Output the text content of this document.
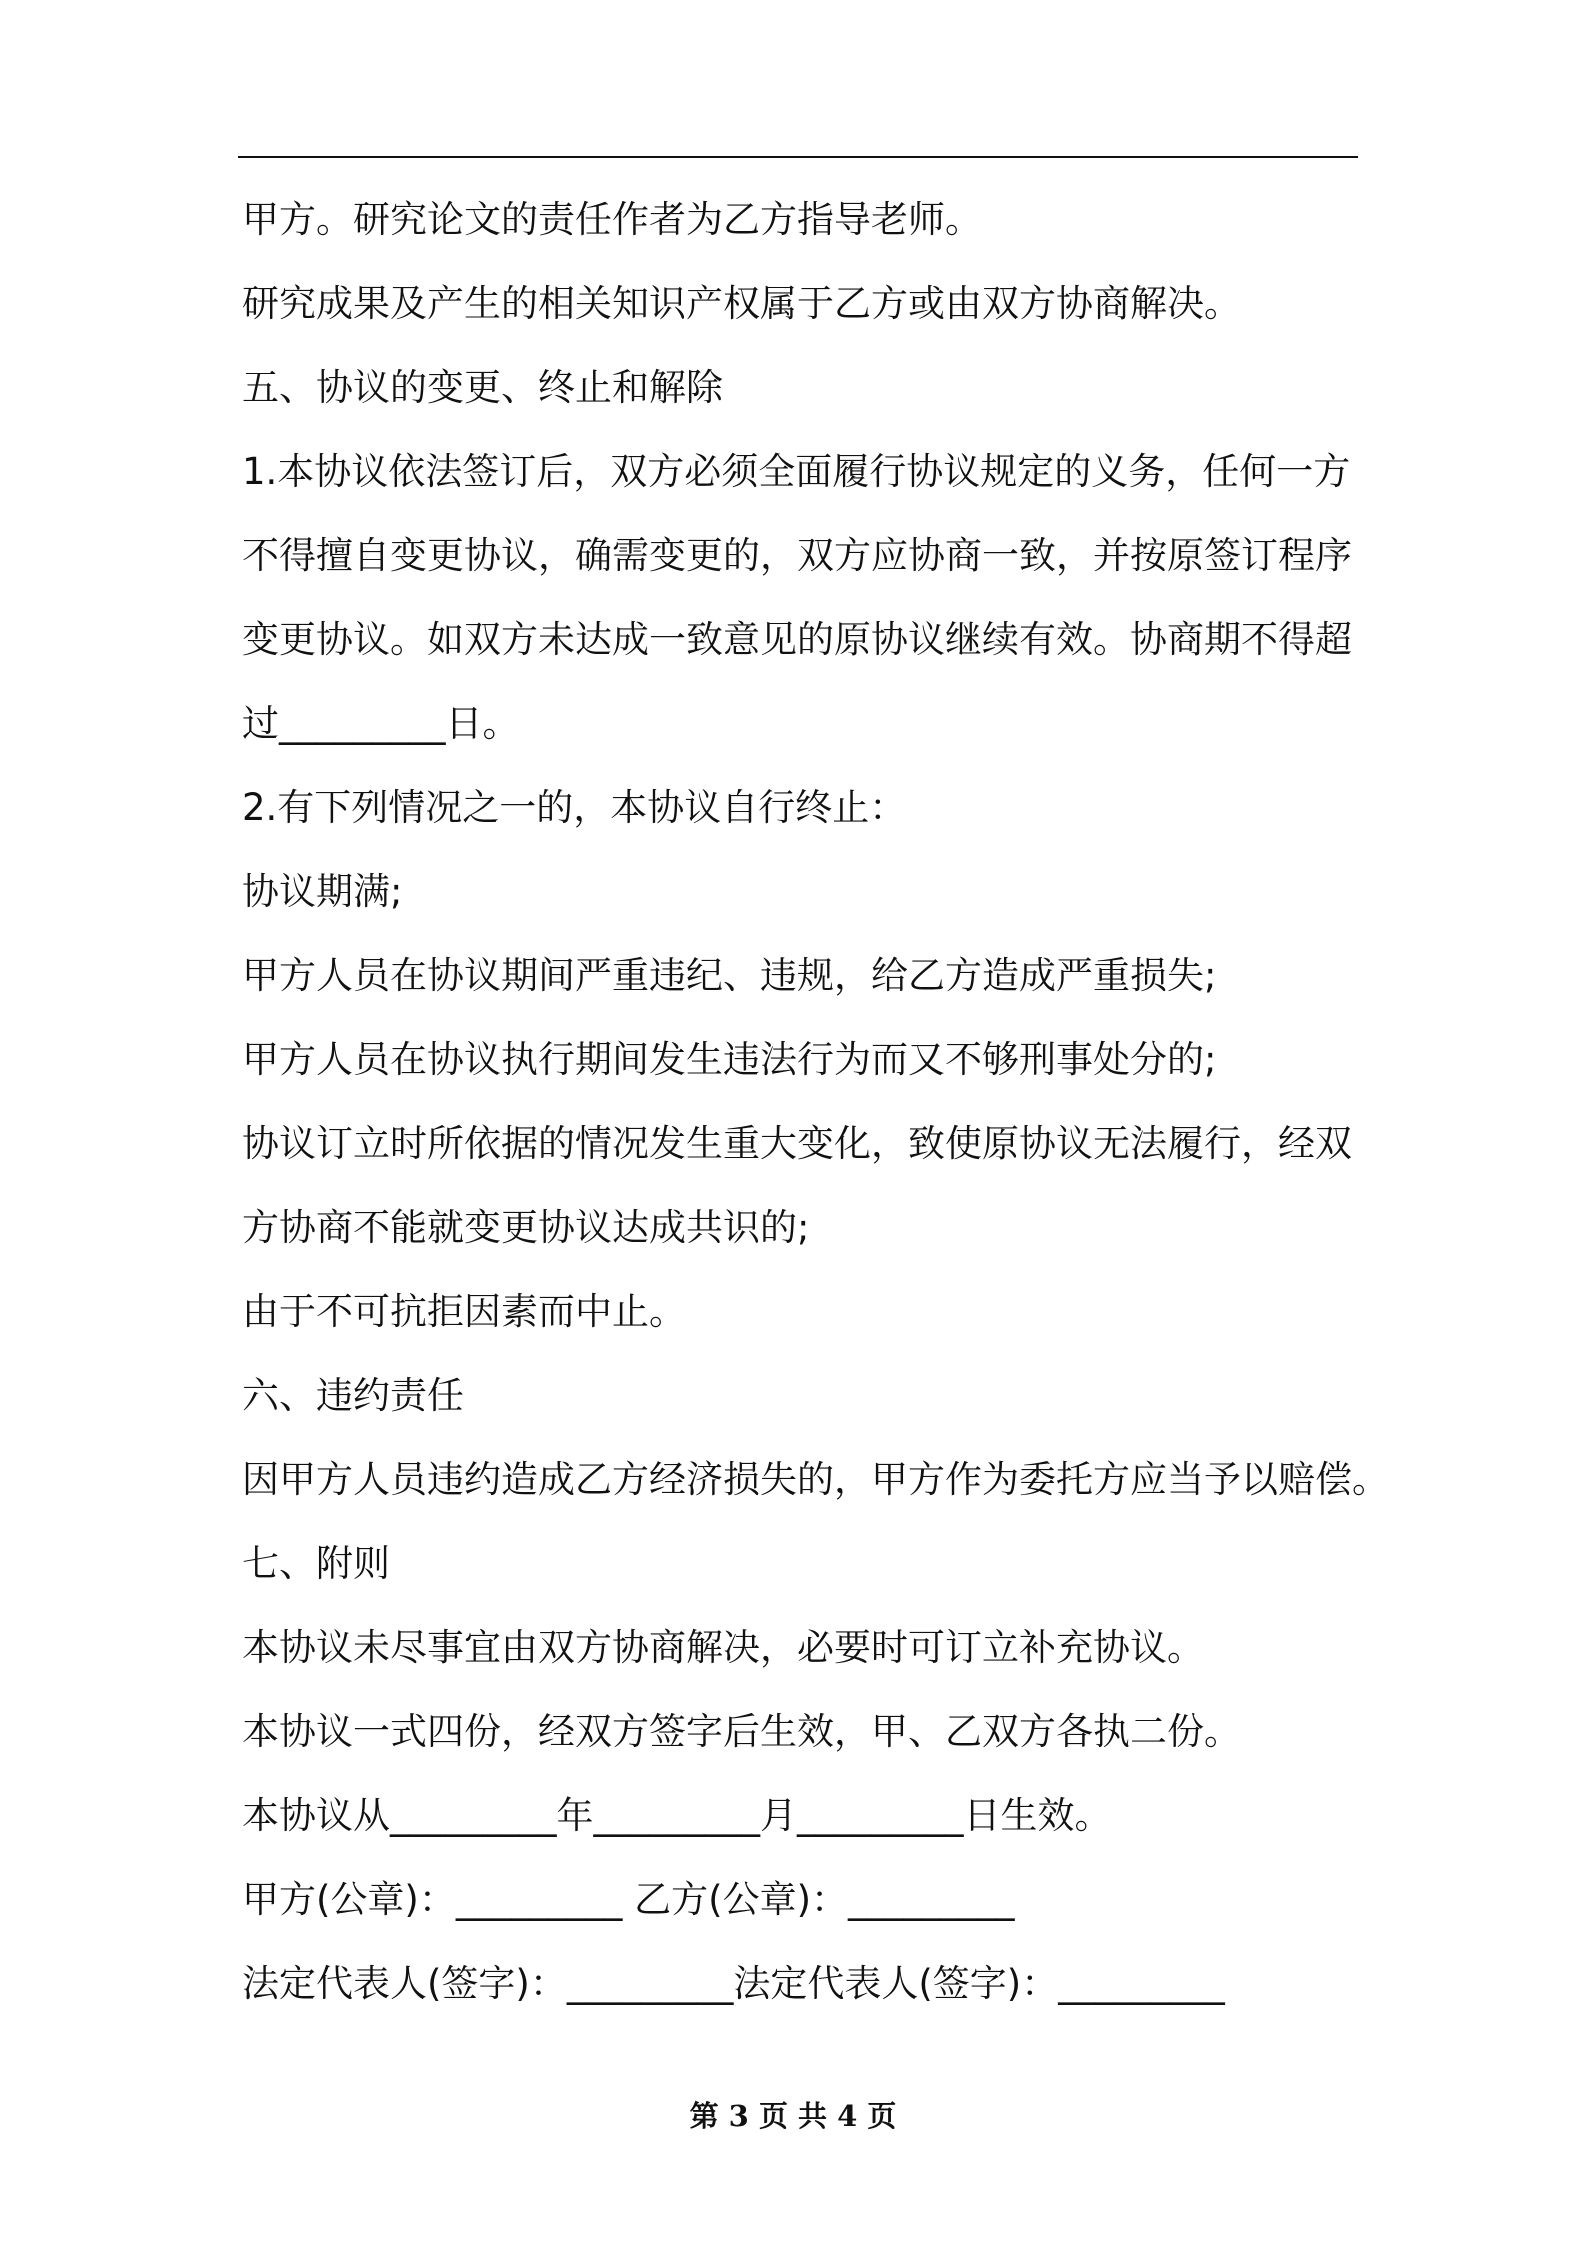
甲方。研究论文的责任作者为乙方指导老师。
研究成果及产生的相关知识产权属于乙方或由双方协商解决。
五、协议的变更、终止和解除
1.本协议依法签订后，双方必须全面履行协议规定的义务，任何一方
不得擅自变更协议，确需变更的，双方应协商一致，并按原签订程序
变更协议。如双方未达成一致意见的原协议继续有效。协商期不得超
过_________日。
2.有下列情况之一的，本协议自行终止：
协议期满;
甲方人员在协议期间严重违纪、违规，给乙方造成严重损失;
甲方人员在协议执行期间发生违法行为而又不够刑事处分的;
协议订立时所依据的情况发生重大变化，致使原协议无法履行，经双
方协商不能就变更协议达成共识的;
由于不可抗拒因素而中止。
六、违约责任
因甲方人员违约造成乙方经济损失的，甲方作为委托方应当予以赔偿。
七、附则
本协议未尽事宜由双方协商解决，必要时可订立补充协议。
本协议一式四份，经双方签字后生效，甲、乙双方各执二份。
本协议从_________年_________月_________日生效。
甲方(公章)：_________ 乙方(公章)：_________
法定代表人(签字)：_________法定代表人(签字)：_________
第 3 页 共 4 页
